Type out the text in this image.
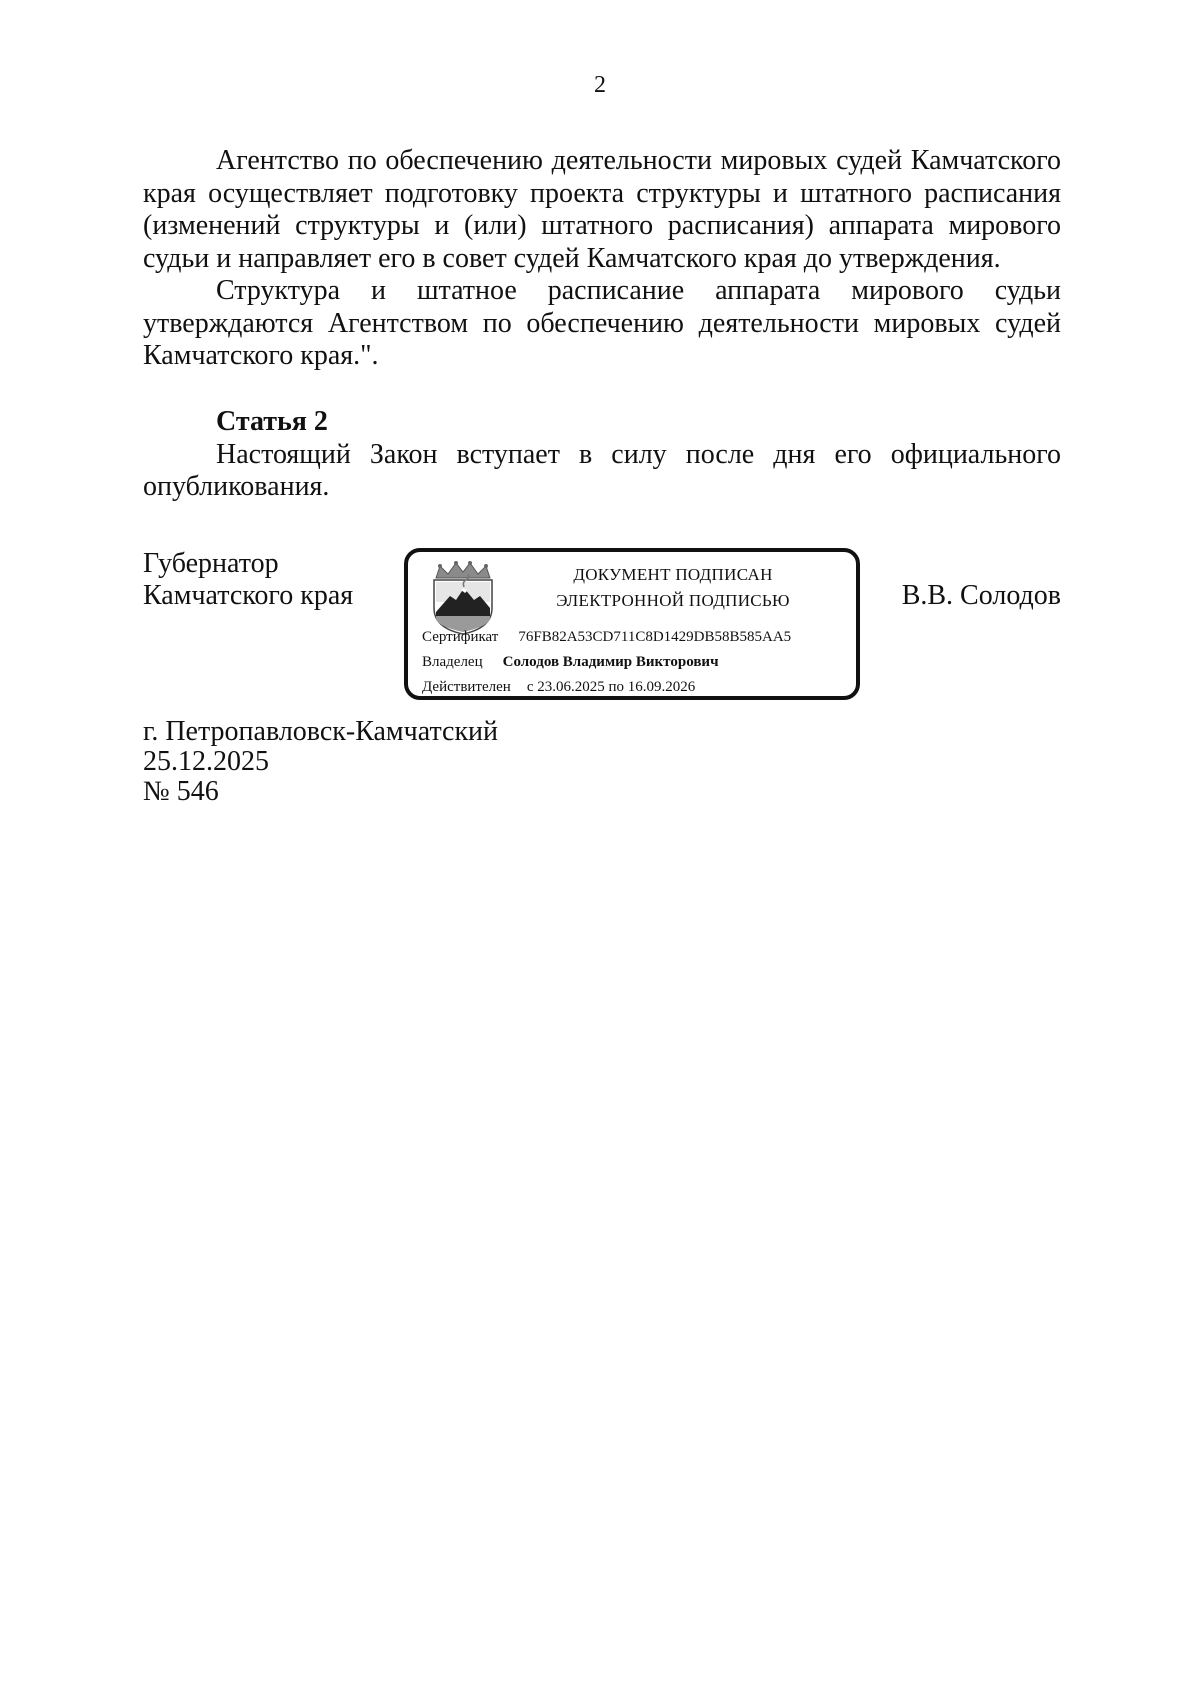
2

Агентство по обеспечению деятельности мировых судей Камчатского края осуществляет подготовку проекта структуры и штатного расписания (изменений структуры и (или) штатного расписания) аппарата мирового судьи и направляет его в совет судей Камчатского края до утверждения.

Структура и штатное расписание аппарата мирового судьи утверждаются Агентством по обеспечению деятельности мировых судей Камчатского края.".

Статья 2

Настоящий Закон вступает в силу после дня его официального опубликования.

Губернатор
Камчатского края
ДОКУМЕНТ ПОДПИСАН
ЭЛЕКТРОННОЙ ПОДПИСЬЮ
Сертификат 76FB82A53CD711C8D1429DB58B585AA5
Владелец Солодов Владимир Викторович
Действителен с 23.06.2025 по 16.09.2026
В.В. Солодов
г. Петропавловск-Камчатский
25.12.2025
№ 546
